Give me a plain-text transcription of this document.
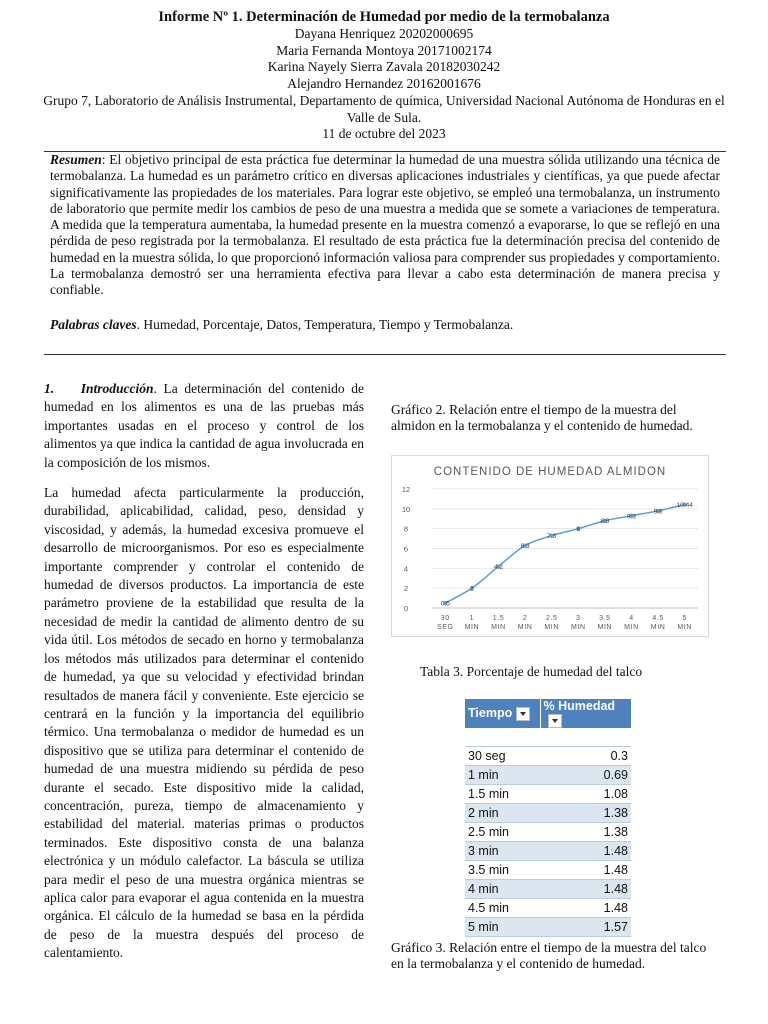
Informe Nº 1. Determinación de Humedad por medio de la termobalanza
Dayana Henriquez 20202000695
Maria Fernanda Montoya 20171002174
Karina Nayely Sierra Zavala 20182030242
Alejandro Hernandez 20162001676
Grupo 7, Laboratorio de Análisis Instrumental, Departamento de química, Universidad Nacional Autónoma de Honduras en el Valle de Sula.
11 de octubre del 2023

Resumen: El objetivo principal de esta práctica fue determinar la humedad de una muestra sólida utilizando una técnica de termobalanza. La humedad es un parámetro crítico en diversas aplicaciones industriales y científicas, ya que puede afectar significativamente las propiedades de los materiales. Para lograr este objetivo, se empleó una termobalanza, un instrumento de laboratorio que permite medir los cambios de peso de una muestra a medida que se somete a variaciones de temperatura. A medida que la temperatura aumentaba, la humedad presente en la muestra comenzó a evaporarse, lo que se reflejó en una pérdida de peso registrada por la termobalanza. El resultado de esta práctica fue la determinación precisa del contenido de humedad en la muestra sólida, lo que proporcionó información valiosa para comprender sus propiedades y comportamiento. La termobalanza demostró ser una herramienta efectiva para llevar a cabo esta determinación de manera precisa y confiable.

Palabras claves. Humedad, Porcentaje, Datos, Temperatura, Tiempo y Termobalanza.

1. Introducción. La determinación del contenido de humedad en los alimentos es una de las pruebas más importantes usadas en el proceso y control de los alimentos ya que indica la cantidad de agua involucrada en la composición de los mismos.

La humedad afecta particularmente la producción, durabilidad, aplicabilidad, calidad, peso, densidad y viscosidad, y además, la humedad excesiva promueve el desarrollo de microorganismos. Por eso es especialmente importante comprender y controlar el contenido de humedad de diversos productos. La importancia de este parámetro proviene de la estabilidad que resulta de la necesidad de medir la cantidad de alimento dentro de su vida útil. Los métodos de secado en horno y termobalanza los métodos más utilizados para determinar el contenido de humedad, ya que su velocidad y efectividad brindan resultados de manera fácil y conveniente. Este ejercicio se centrará en la función y la importancia del equilibrio térmico. Una termobalanza o medidor de humedad es un dispositivo que se utiliza para determinar el contenido de humedad de una muestra midiendo su pérdida de peso durante el secado. Este dispositivo mide la calidad, concentración, pureza, tiempo de almacenamiento y estabilidad del material. materias primas o productos terminados. Este dispositivo consta de una balanza electrónica y un módulo calefactor. La báscula se utiliza para medir el peso de una muestra orgánica mientras se aplica calor para evaporar el agua contenida en la muestra orgánica. El cálculo de la humedad se basa en la pérdida de peso de la muestra después del proceso de calentamiento.

Gráfico 2. Relación entre el tiempo de la muestra del almidon en la termobalanza y el contenido de humedad.

CONTENIDO DE HUMEDAD ALMIDON
0
2
4
6
8
10
12
30 SEG
1 MIN
1.5 MIN
2 MIN
2.5 MIN
3 MIN
3.5 MIN
4 MIN
4.5 MIN
5 MIN
0.5
2
4.2
6.3
7.3
8
8.8
9.3
9.8
10.44
Tabla 3. Porcentaje de humedad del talco
Tiempo	% Humedad

30 seg	0.3
1 min	0.69
1.5 min	1.08
2 min	1.38
2.5 min	1.38
3 min	1.48
3.5 min	1.48
4 min	1.48
4.5 min	1.48
5 min	1.57
Gráfico 3. Relación entre el tiempo de la muestra del talco en la termobalanza y el contenido de humedad.
